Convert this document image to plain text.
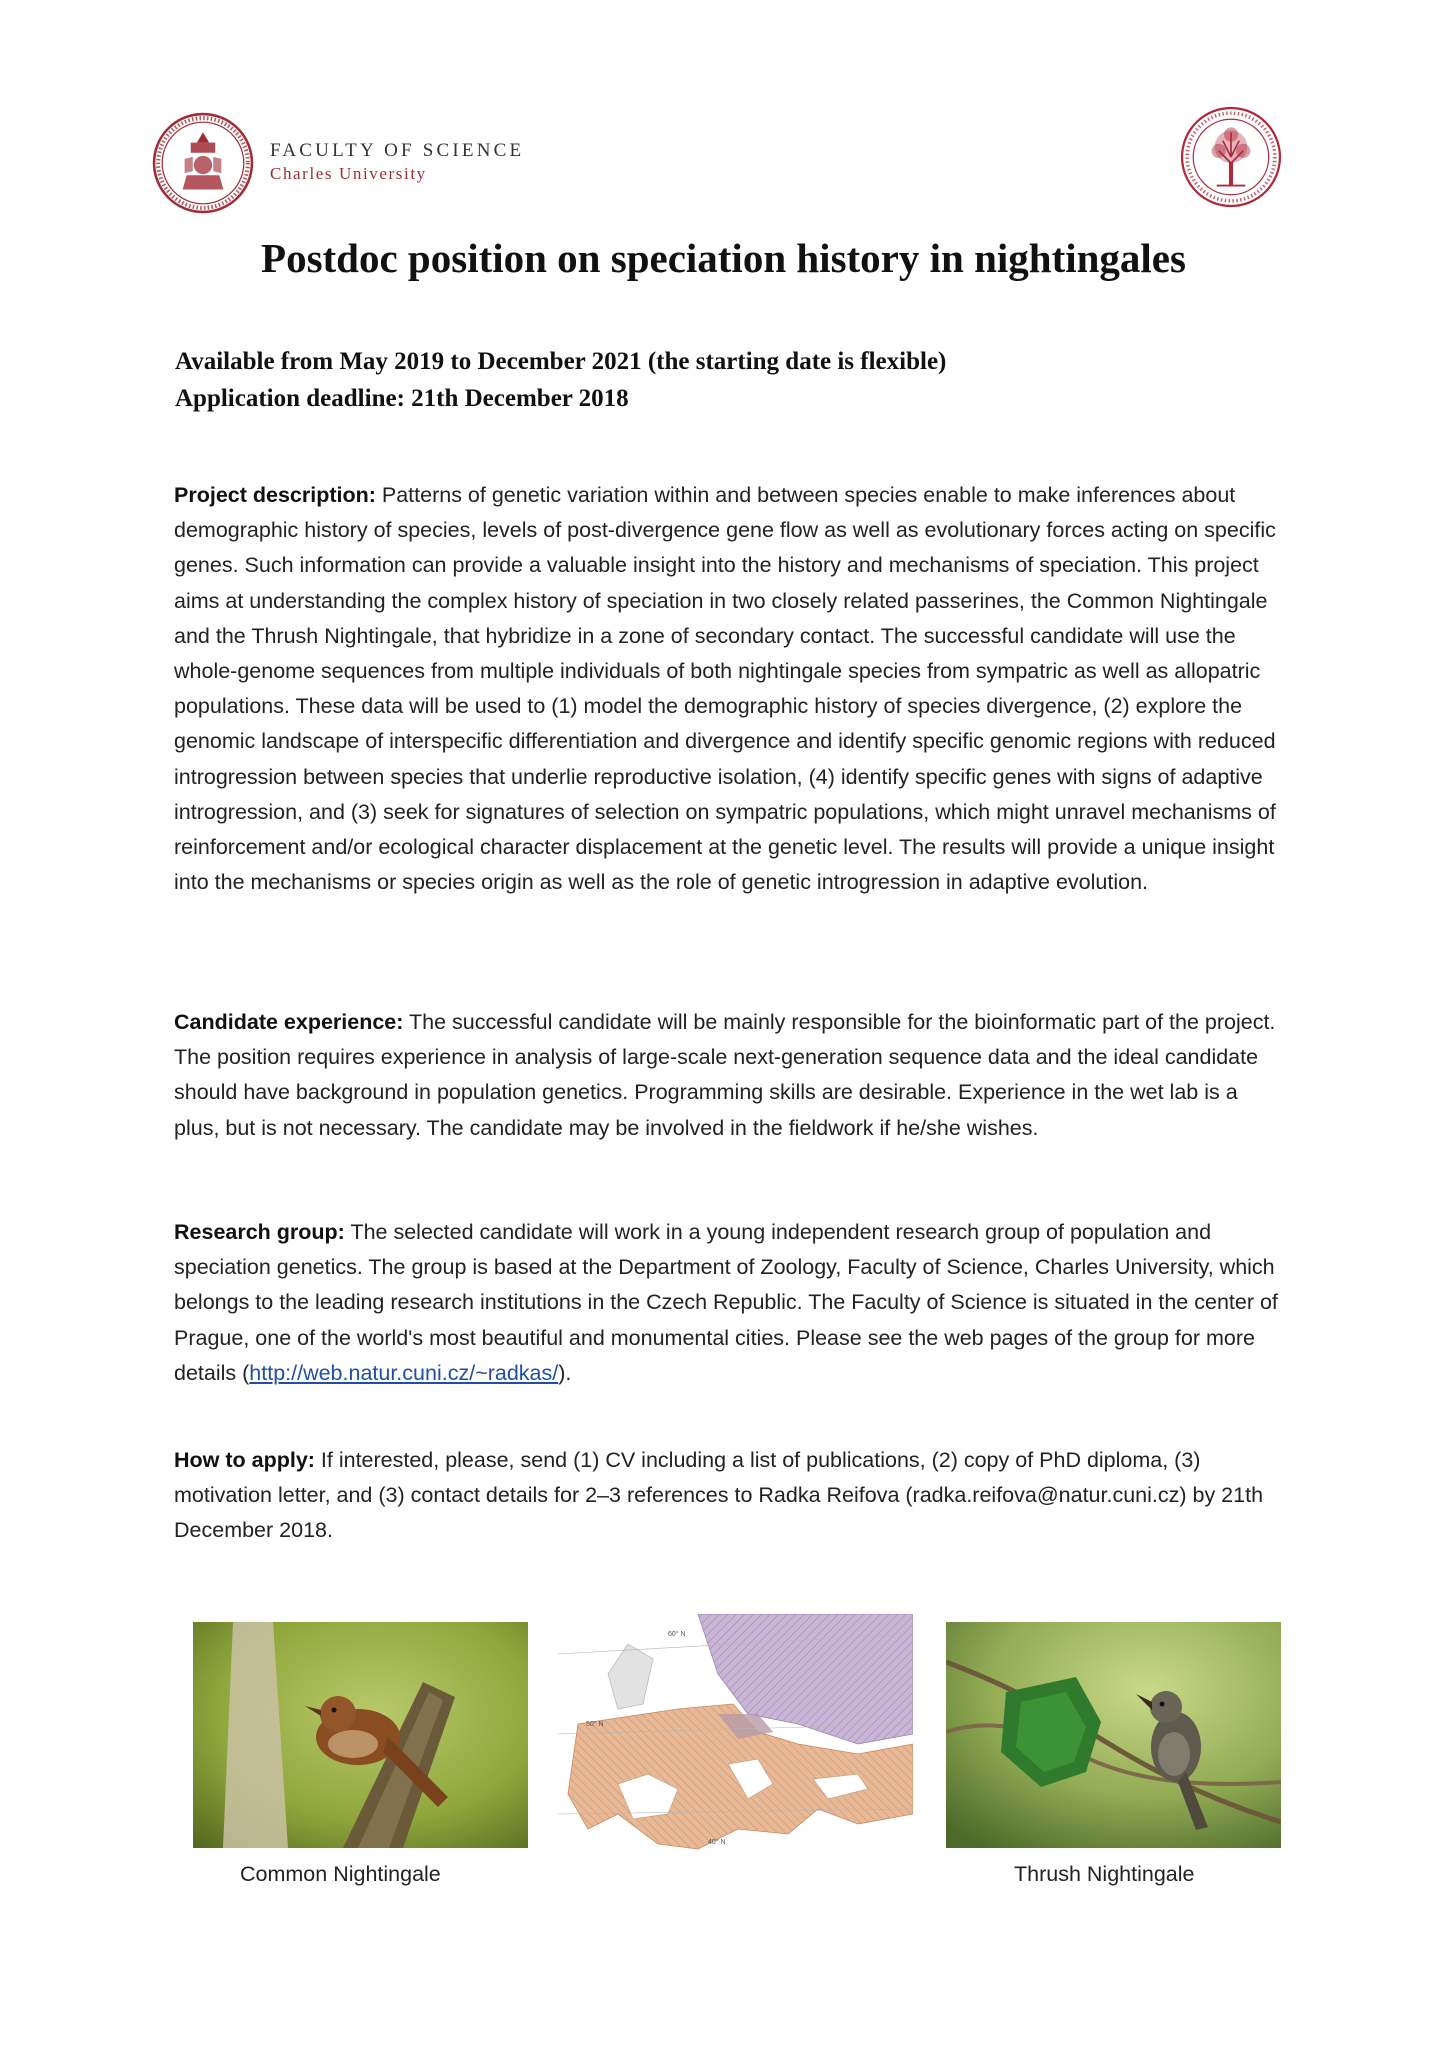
FACULTY OF SCIENCE
Charles University
Postdoc position on speciation history in nightingales
Available from May 2019 to December 2021 (the starting date is flexible)
Application deadline: 21th December 2018

Project description: Patterns of genetic variation within and between species enable to make inferences about demographic history of species, levels of post-divergence gene flow as well as evolutionary forces acting on specific genes. Such information can provide a valuable insight into the history and mechanisms of speciation. This project aims at understanding the complex history of speciation in two closely related passerines, the Common Nightingale and the Thrush Nightingale, that hybridize in a zone of secondary contact. The successful candidate will use the whole-genome sequences from multiple individuals of both nightingale species from sympatric as well as allopatric populations. These data will be used to (1) model the demographic history of species divergence, (2) explore the genomic landscape of interspecific differentiation and divergence and identify specific genomic regions with reduced introgression between species that underlie reproductive isolation, (4) identify specific genes with signs of adaptive introgression, and (3) seek for signatures of selection on sympatric populations, which might unravel mechanisms of reinforcement and/or ecological character displacement at the genetic level. The results will provide a unique insight into the mechanisms or species origin as well as the role of genetic introgression in adaptive evolution.

Candidate experience: The successful candidate will be mainly responsible for the bioinformatic part of the project. The position requires experience in analysis of large-scale next-generation sequence data and the ideal candidate should have background in population genetics. Programming skills are desirable. Experience in the wet lab is a plus, but is not necessary. The candidate may be involved in the fieldwork if he/she wishes.

Research group: The selected candidate will work in a young independent research group of population and speciation genetics. The group is based at the Department of Zoology, Faculty of Science, Charles University, which belongs to the leading research institutions in the Czech Republic. The Faculty of Science is situated in the center of Prague, one of the world's most beautiful and monumental cities. Please see the web pages of the group for more details (http://web.natur.cuni.cz/~radkas/).

How to apply: If interested, please, send (1) CV including a list of publications, (2) copy of PhD diploma, (3) motivation letter, and (3) contact details for 2–3 references to Radka Reifova (radka.reifova@natur.cuni.cz) by 21th December 2018.

60° N
50° N
40° N
Common Nightingale	Thrush Nightingale
